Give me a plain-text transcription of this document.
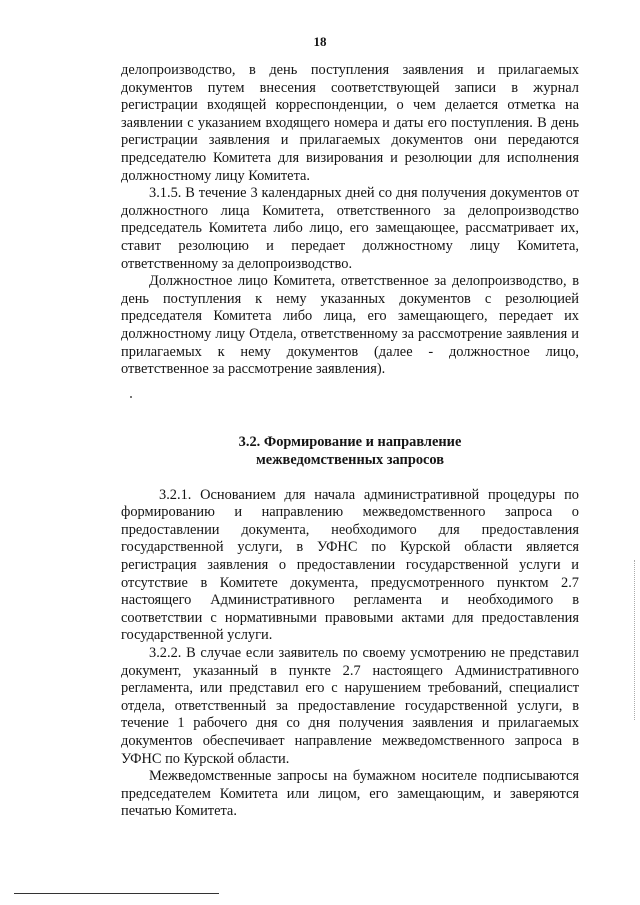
18

делопроизводство, в день поступления заявления и прилагаемых документов путем внесения соответствующей записи в журнал регистрации входящей корреспонденции, о чем делается отметка на заявлении с указанием входящего номера и даты его поступления. В день регистрации заявления и прилагаемых документов они передаются председателю Комитета для визирования и резолюции для исполнения должностному лицу Комитета.

3.1.5. В течение 3 календарных дней со дня получения документов от должностного лица Комитета, ответственного за делопроизводство председатель Комитета либо лицо, его замещающее, рассматривает их, ставит резолюцию и передает должностному лицу Комитета, ответственному за делопроизводство.

Должностное лицо Комитета, ответственное за делопроизводство, в день поступления к нему указанных документов с резолюцией председателя Комитета либо лица, его замещающего, передает их должностному лицу Отдела, ответственному за рассмотрение заявления и прилагаемых к нему документов (далее - должностное лицо, ответственное за рассмотрение заявления).

3.2. Формирование и направление
межведомственных запросов

3.2.1. Основанием для начала административной процедуры по формированию и направлению межведомственного запроса о предоставлении документа, необходимого для предоставления государственной услуги, в УФНС по Курской области является регистрация заявления о предоставлении государственной услуги и отсутствие в Комитете документа, предусмотренного пунктом 2.7 настоящего Административного регламента и необходимого в соответствии с нормативными правовыми актами для предоставления государственной услуги.

3.2.2. В случае если заявитель по своему усмотрению не представил документ, указанный в пункте 2.7 настоящего Административного регламента, или представил его с нарушением требований, специалист отдела, ответственный за предоставление государственной услуги, в течение 1 рабочего дня со дня получения заявления и прилагаемых документов обеспечивает направление межведомственного запроса в УФНС по Курской области.

Межведомственные запросы на бумажном носителе подписываются председателем Комитета или лицом, его замещающим, и заверяются печатью Комитета.
